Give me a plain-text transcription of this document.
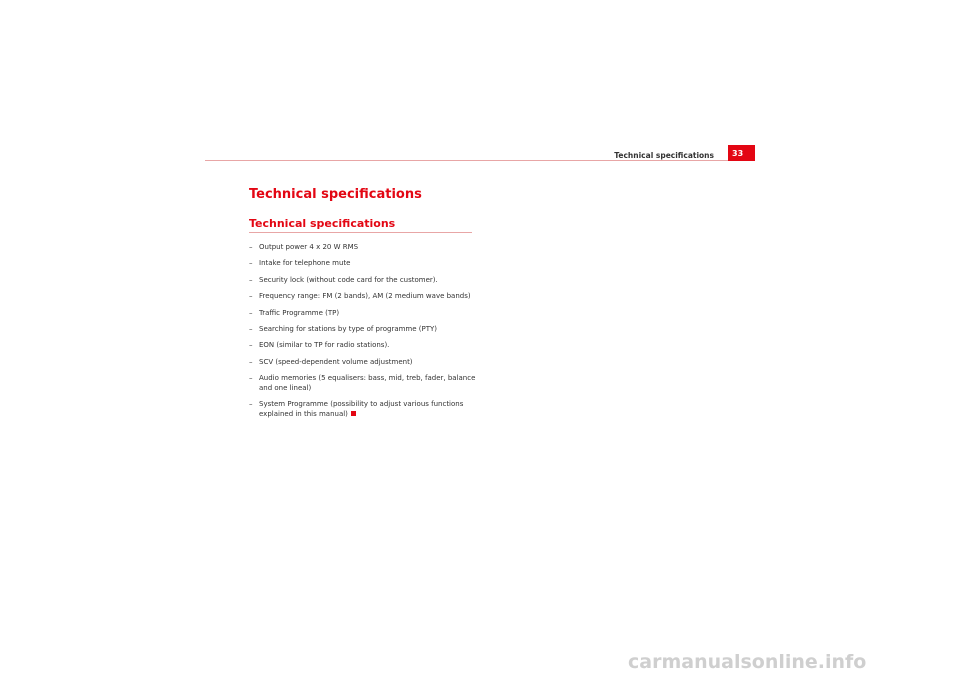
Technical specifications	33
Technical specifications
Technical specifications
– Output power 4 x 20 W RMS
– Intake for telephone mute
– Security lock (without code card for the customer).
– Frequency range: FM (2 bands), AM (2 medium wave bands)
– Traffic Programme (TP)
– Searching for stations by type of programme (PTY)
– EON (similar to TP for radio stations).
– SCV (speed-dependent volume adjustment)
– Audio memories (5 equalisers: bass, mid, treb, fader, balance and one lineal)
– System Programme (possibility to adjust various functions explained in this manual)
carmanualsonline.info
